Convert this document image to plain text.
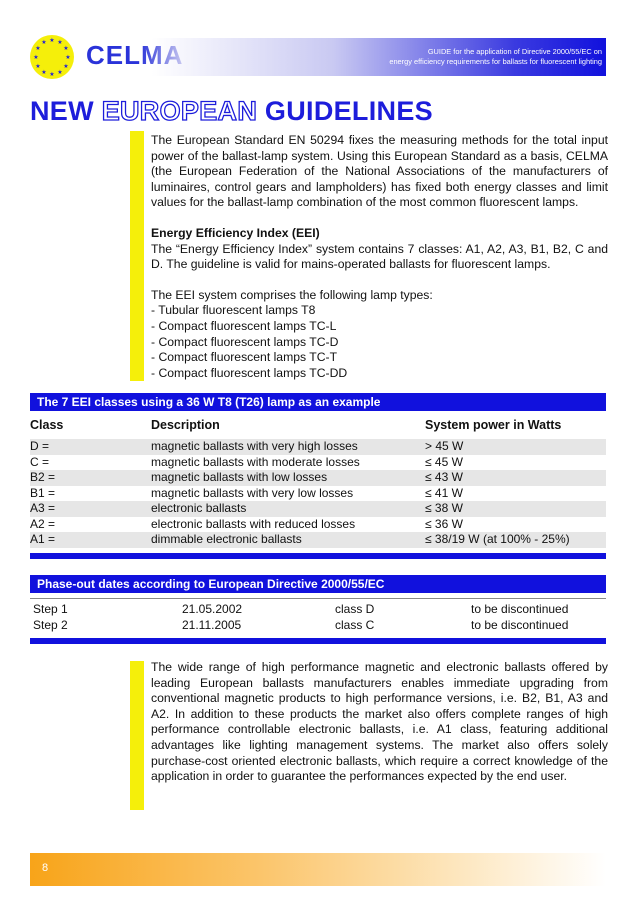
★ ★
★
★
★
★
★
★
★
★
★
★ CELMA	GUIDE for the application of Directive 2000/55/EC on
energy efficiency requirements for ballasts for fluorescent lighting
NEW EUROPEAN GUIDELINES

The European Standard EN 50294 fixes the measuring methods for the total input power of the ballast-lamp system. Using this European Standard as a basis, CELMA (the European Federation of the National Associations of the manufacturers of luminaires, control gears and lampholders) has fixed both energy classes and limit values for the ballast-lamp combination of the most common fluorescent lamps.

Energy Efficiency Index (EEI)

The “Energy Efficiency Index” system contains 7 classes: A1, A2, A3, B1, B2, C and D. The guideline is valid for mains-operated ballasts for fluorescent lamps.

The EEI system comprises the following lamp types:

- Tubular fluorescent lamps T8

- Compact fluorescent lamps TC-L

- Compact fluorescent lamps TC-D

- Compact fluorescent lamps TC-T

- Compact fluorescent lamps TC-DD

The 7 EEI classes using a 36 W T8 (T26) lamp as an example
Class	Description	System power in Watts
D =	magnetic ballasts with very high losses	> 45 W
C =	magnetic ballasts with moderate losses	≤ 45 W
B2 =	magnetic ballasts with low losses	≤ 43 W
B1 =	magnetic ballasts with very low losses	≤ 41 W
A3 =	electronic ballasts	≤ 38 W
A2 =	electronic ballasts with reduced losses	≤ 36 W
A1 =	dimmable electronic ballasts	≤ 38/19 W (at 100% - 25%)
Phase-out dates according to European Directive 2000/55/EC
Step 1	21.05.2002	class D	to be discontinued
Step 2	21.11.2005	class C	to be discontinued

The wide range of high performance magnetic and electronic ballasts offered by leading European ballasts manufacturers enables immediate upgrading from conventional magnetic products to high performance versions, i.e. B2, B1, A3 and A2. In addition to these products the market also offers complete ranges of high performance controllable electronic ballasts, i.e. A1 class, featuring additional advantages like lighting management systems. The market also offers solely purchase-cost oriented electronic ballasts, which require a correct knowledge of the application in order to guarantee the performances expected by the end user.

8
